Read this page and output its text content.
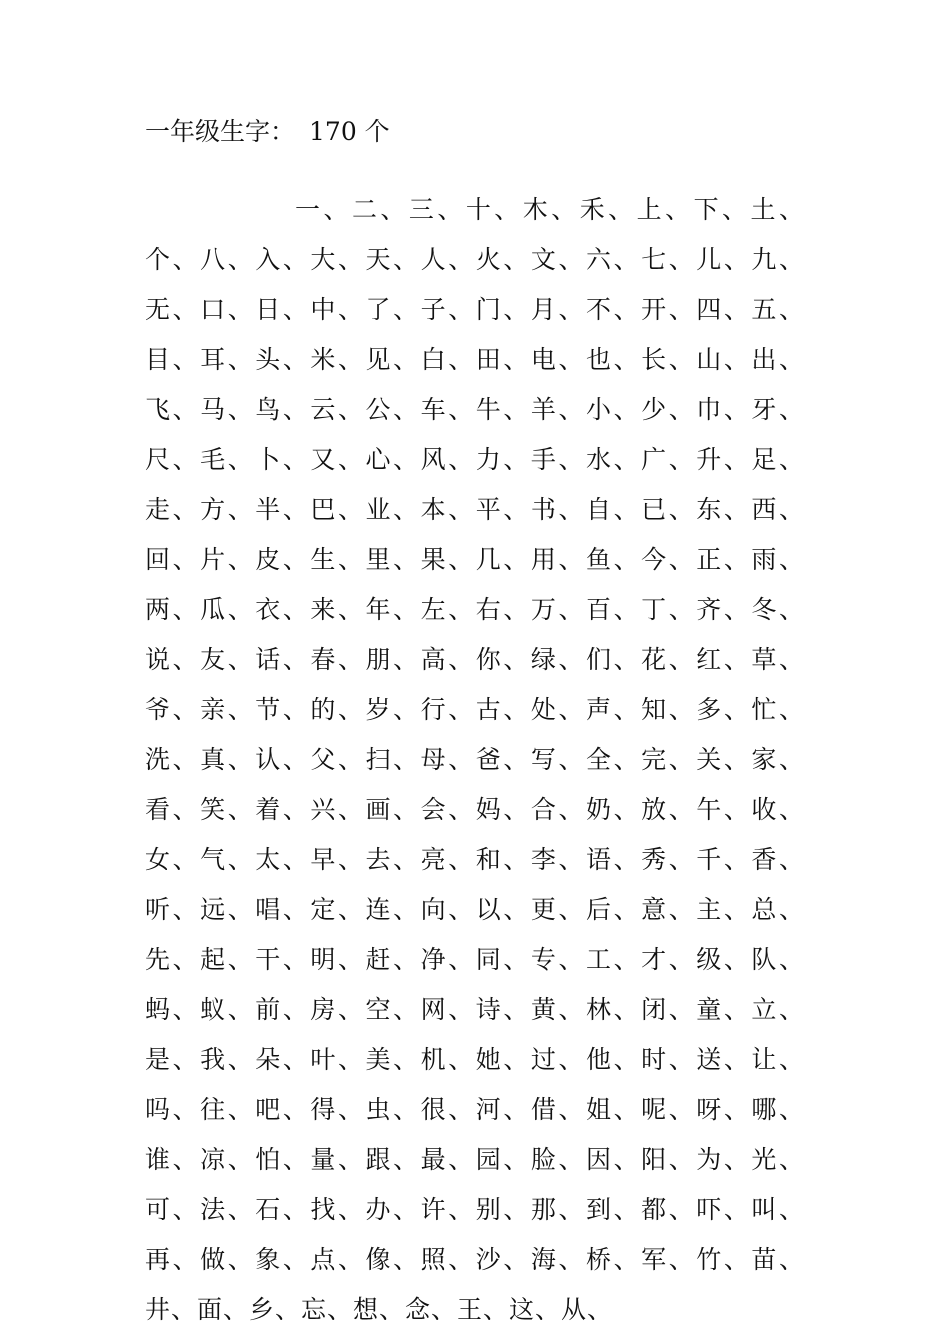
一年级生字： 170 个
一、二、三、十、木、禾、上、下、土、个、八、入、大、天、人、火、文、六、七、儿、九、无、口、日、中、了、子、门、月、不、开、四、五、目、耳、头、米、见、白、田、电、也、长、山、出、飞、马、鸟、云、公、车、牛、羊、小、少、巾、牙、尺、毛、卜、又、心、风、力、手、水、广、升、足、走、方、半、巴、业、本、平、书、自、已、东、西、回、片、皮、生、里、果、几、用、鱼、今、正、雨、两、瓜、衣、来、年、左、右、万、百、丁、齐、冬、说、友、话、春、朋、高、你、绿、们、花、红、草、爷、亲、节、的、岁、行、古、处、声、知、多、忙、洗、真、认、父、扫、母、爸、写、全、完、关、家、看、笑、着、兴、画、会、妈、合、奶、放、午、收、女、气、太、早、去、亮、和、李、语、秀、千、香、听、远、唱、定、连、向、以、更、后、意、主、总、先、起、干、明、赶、净、同、专、工、才、级、队、蚂、蚁、前、房、空、网、诗、黄、林、闭、童、立、是、我、朵、叶、美、机、她、过、他、时、送、让、吗、往、吧、得、虫、很、河、借、姐、呢、呀、哪、谁、凉、怕、量、跟、最、园、脸、因、阳、为、光、可、法、石、找、办、许、别、那、到、都、吓、叫、再、做、象、点、像、照、沙、海、桥、军、竹、苗、井、面、乡、忘、想、念、王、这、从、
